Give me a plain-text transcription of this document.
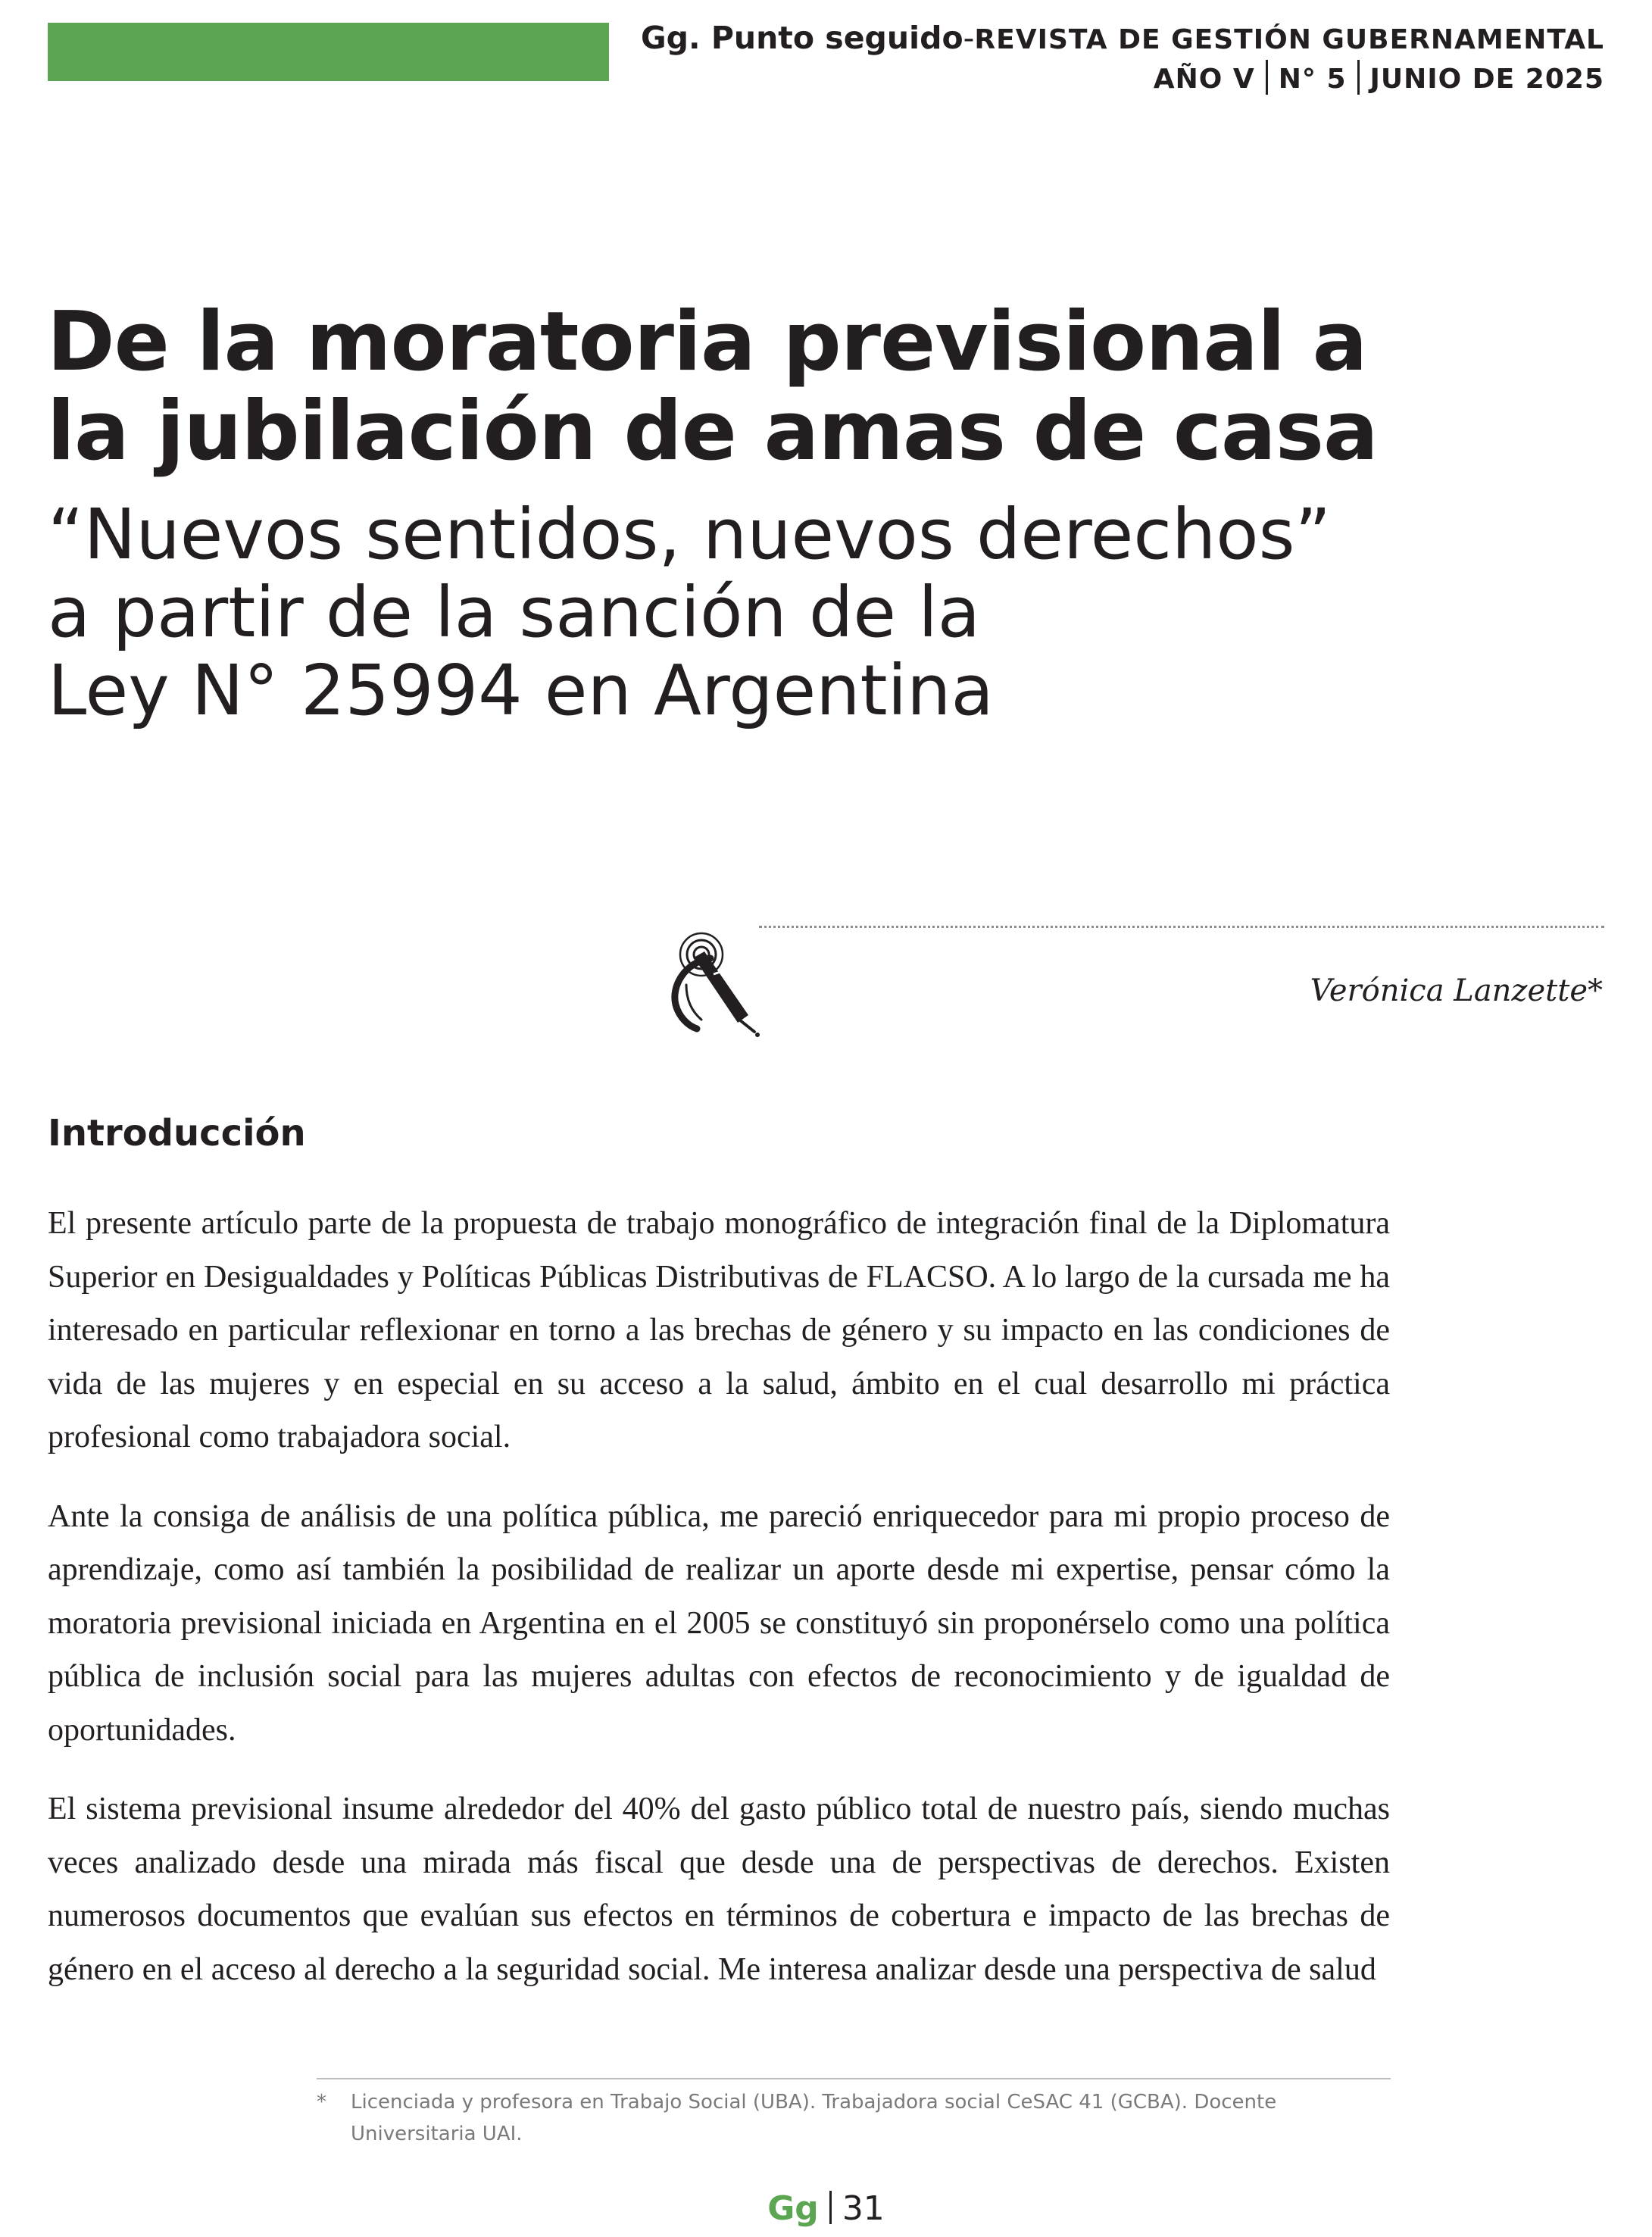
Gg. Punto seguido-REVISTA DE GESTIÓN GUBERNAMENTAL
AÑO V N° 5 JUNIO DE 2025
De la moratoria previsional a
la jubilación de amas de casa
“Nuevos sentidos, nuevos derechos”
a partir de la sanción de la
Ley N° 25994 en Argentina
Verónica Lanzette*
Introducción

El presente artículo parte de la propuesta de trabajo monográfico de integración final de la Diplomatura Superior en Desigualdades y Políticas Públicas Distributivas de FLACSO. A lo largo de la cursada me ha interesado en particular reflexionar en torno a las brechas de género y su impacto en las condiciones de vida de las mujeres y en especial en su acceso a la salud, ámbito en el cual desarrollo mi práctica profesional como trabajadora social.

Ante la consiga de análisis de una política pública, me pareció enriquecedor para mi propio proceso de aprendizaje, como así también la posibilidad de realizar un aporte desde mi expertise, pensar cómo la moratoria previsional iniciada en Argentina en el 2005 se constituyó sin proponérselo como una política pública de inclusión social para las mujeres adultas con efectos de reconocimiento y de igualdad de oportunidades.

El sistema previsional insume alrededor del 40% del gasto público total de nuestro país, siendo muchas veces analizado desde una mirada más fiscal que desde una de perspectivas de derechos. Existen numerosos documentos que evalúan sus efectos en términos de cobertura e impacto de las brechas de género en el acceso al derecho a la seguridad social. Me interesa analizar desde una perspectiva de salud

* Licenciada y profesora en Trabajo Social (UBA). Trabajadora social CeSAC 41 (GCBA). Docente Universitaria UAI.
Gg 31
